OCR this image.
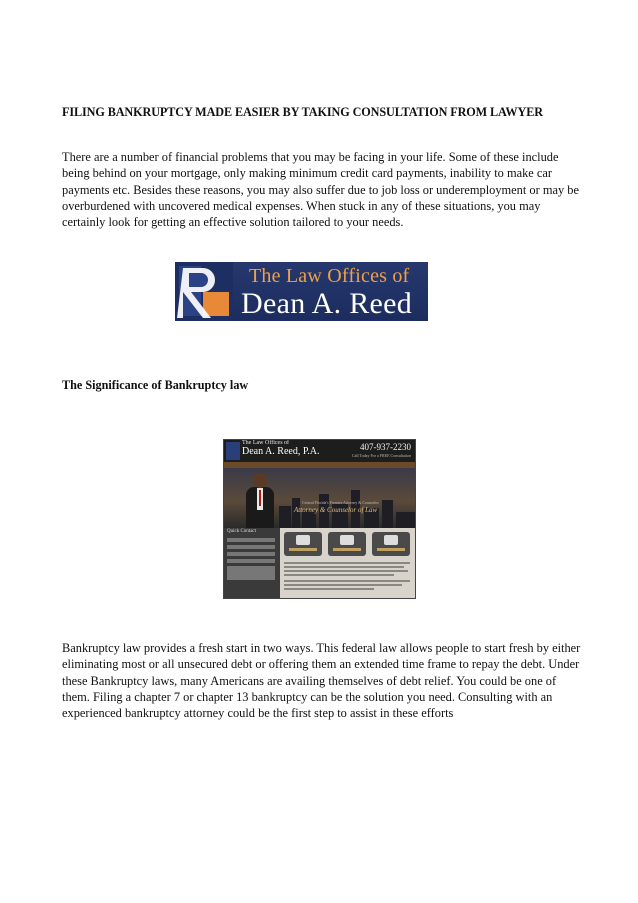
FILING BANKRUPTCY MADE EASIER BY TAKING CONSULTATION FROM LAWYER

There are a number of financial problems that you may be facing in your life. Some of these include being behind on your mortgage, only making minimum credit card payments, inability to make car payments etc. Besides these reasons, you may also suffer due to job loss or underemployment or may be overburdened with uncovered medical expenses. When stuck in any of these situations, you may certainly look for getting an effective solution tailored to your needs.

The Law Offices of
Dean A. Reed
The Significance of Bankruptcy law
The Law Offices of
Dean A. Reed, P.A.	407-937-2230
Call Today For a FREE Consultation
Central Florida's Premier Attorney & Counselor
Attorney & Counselor of Law
Quick Contact

Bankruptcy law provides a fresh start in two ways. This federal law allows people to start fresh by either eliminating most or all unsecured debt or offering them an extended time frame to repay the debt. Under these Bankruptcy laws, many Americans are availing themselves of debt relief. You could be one of them. Filing a chapter 7 or chapter 13 bankruptcy can be the solution you need. Consulting with an experienced bankruptcy attorney could be the first step to assist in these efforts
